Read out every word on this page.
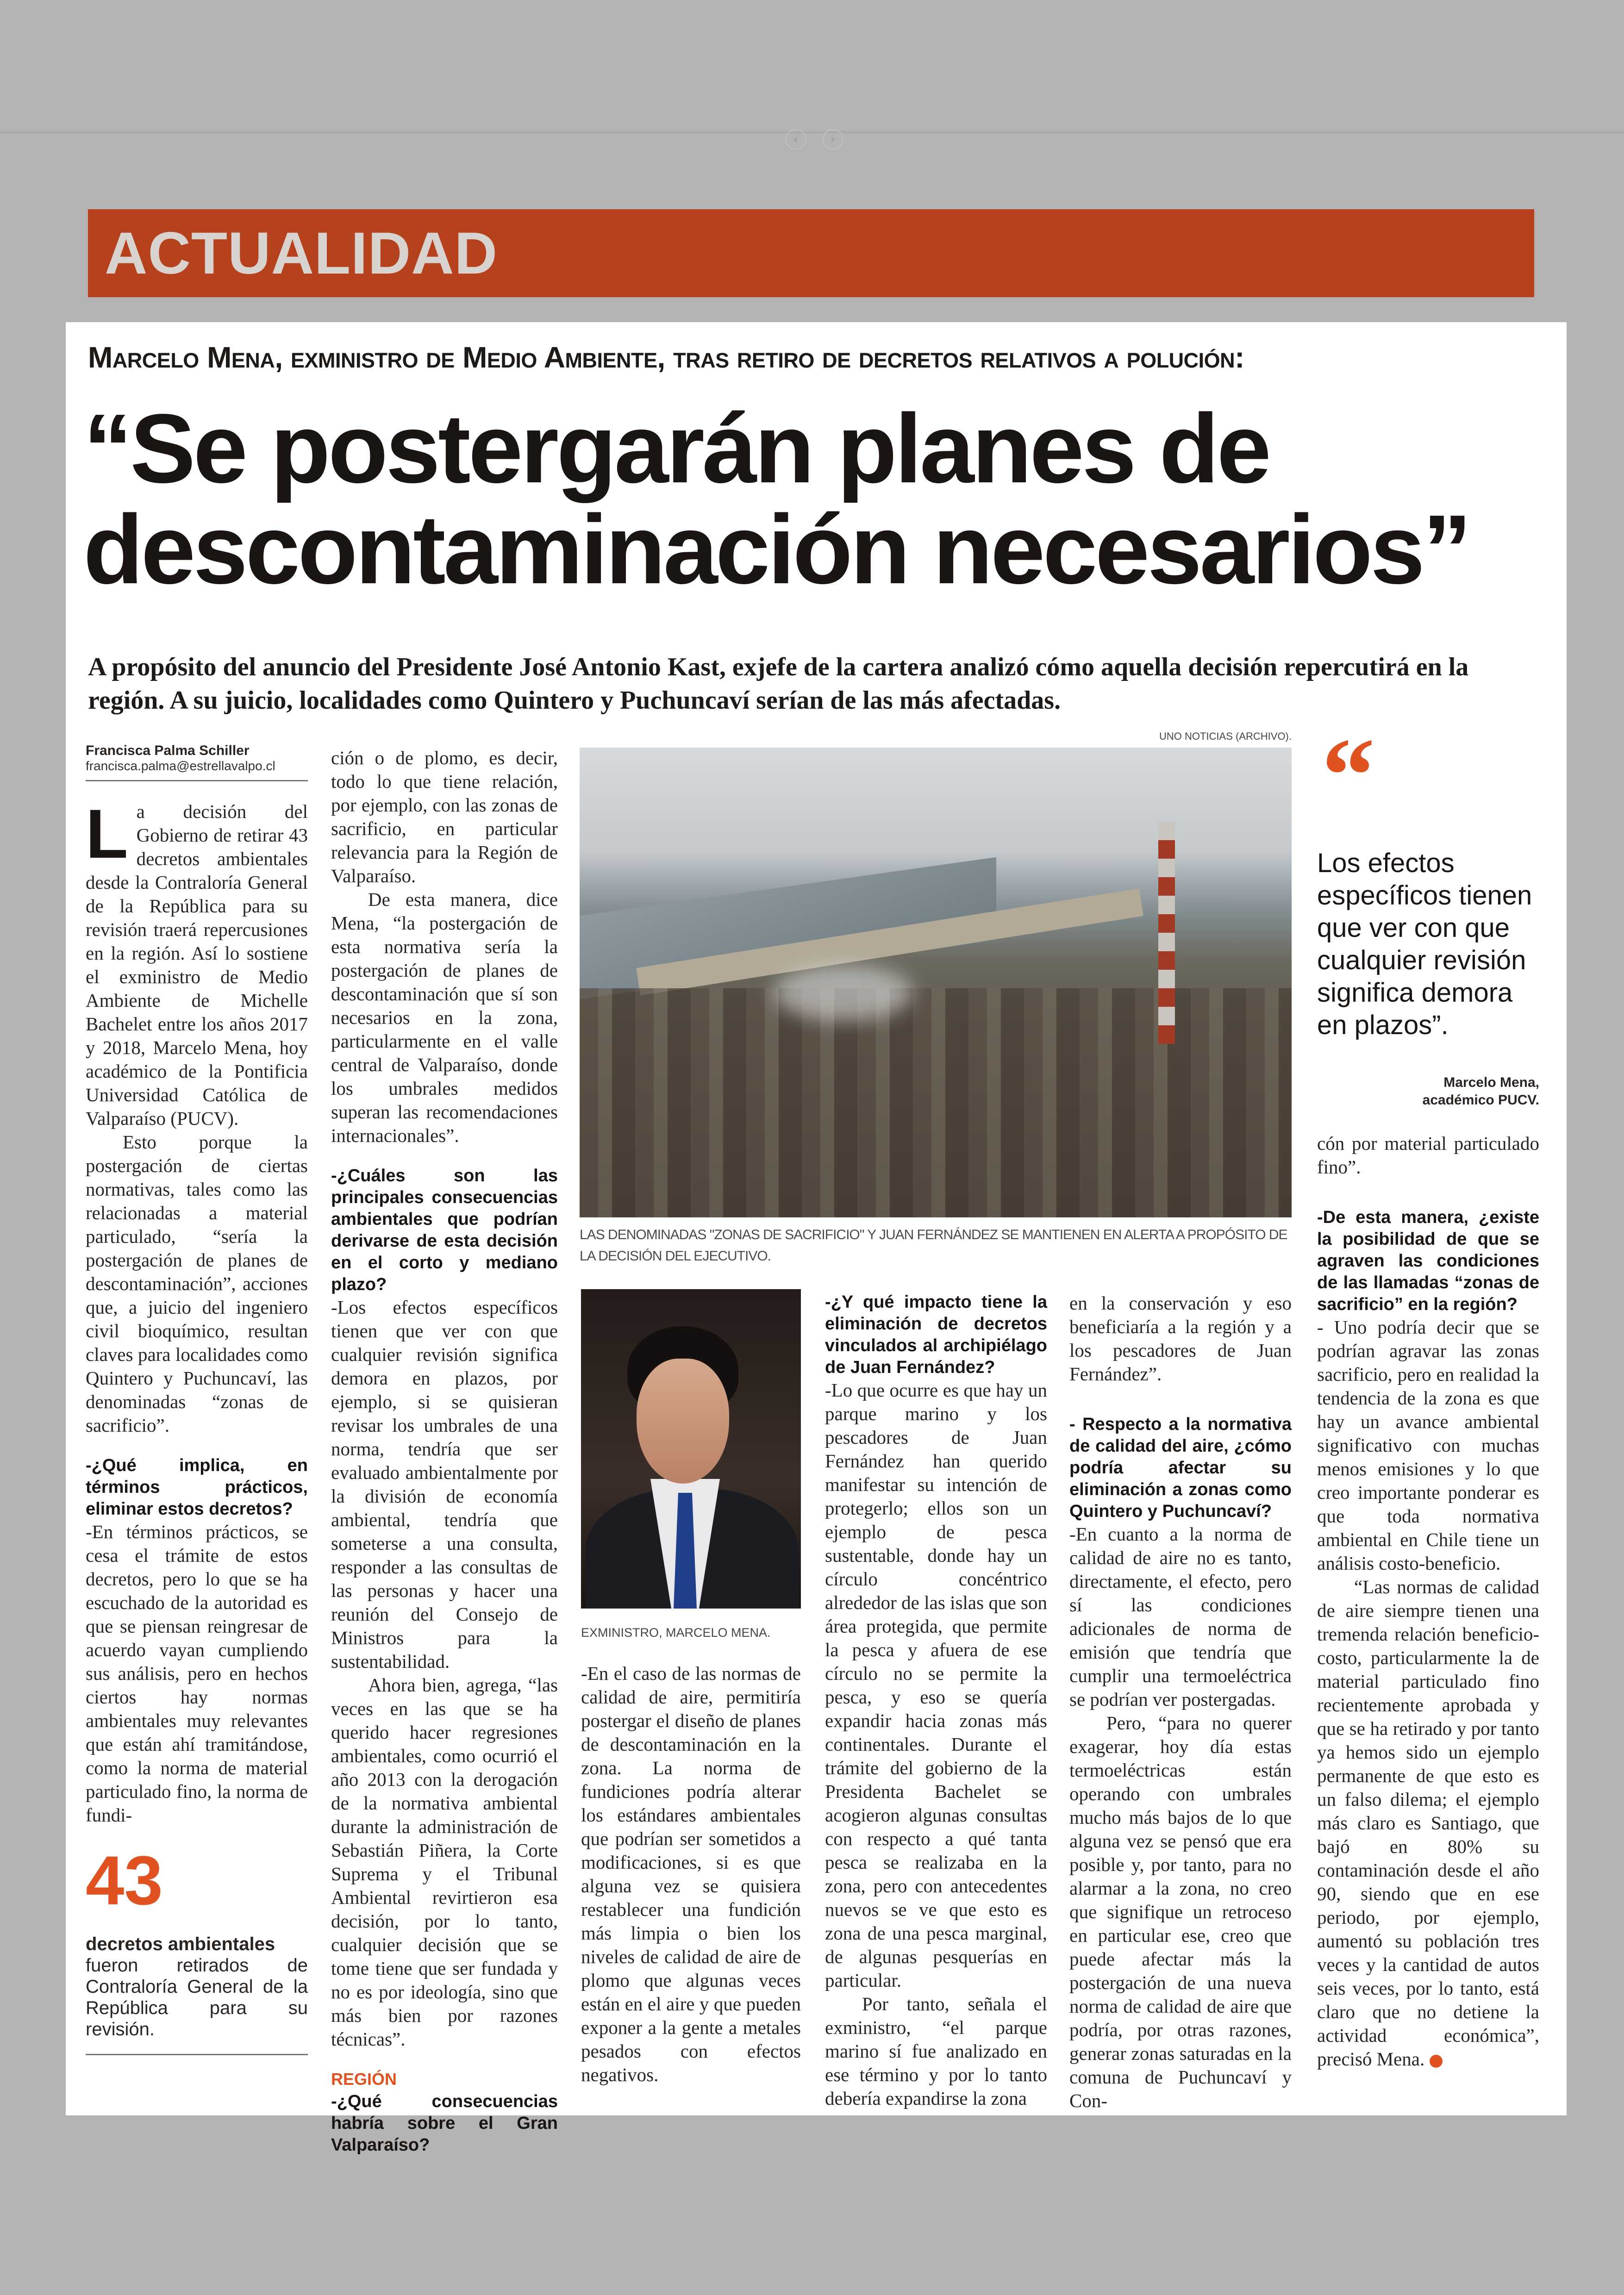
‹	›
ACTUALIDAD
Marcelo Mena, exministro de Medio Ambiente, tras retiro de decretos relativos a polución:
“Se postergarán planes de
descontaminación necesarios”
A propósito del anuncio del Presidente José Antonio Kast, exjefe de la cartera analizó cómo aquella decisión repercutirá en la región. A su juicio, localidades como Quintero y Puchuncaví serían de las más afectadas.
Francisca Palma Schiller
francisca.palma@estrellavalpo.cl

La decisión del Gobierno de retirar 43 decretos ambientales desde la Contraloría General de la República para su revisión traerá repercusiones en la región. Así lo sostiene el exministro de Medio Ambiente de Michelle Bachelet entre los años 2017 y 2018, Marcelo Mena, hoy académico de la Pontificia Universidad Católica de Valparaíso (PUCV).

Esto porque la postergación de ciertas normativas, tales como las relacionadas a material particulado, “sería la postergación de planes de descontaminación”, acciones que, a juicio del ingeniero civil bioquímico, resultan claves para localidades como Quintero y Puchuncaví, las denominadas “zonas de sacrificio”.

-¿Qué implica, en términos prácticos, eliminar estos decretos?

-En términos prácticos, se cesa el trámite de estos decretos, pero lo que se ha escuchado de la autoridad es que se piensan reingresar de acuerdo vayan cumpliendo sus análisis, pero en hechos ciertos hay normas ambientales muy relevantes que están ahí tramitándose, como la norma de material particulado fino, la norma de fundi-

43
decretos ambientales
fueron retirados de Contraloría General de la República para su revisión.

ción o de plomo, es decir, todo lo que tiene relación, por ejemplo, con las zonas de sacrificio, en particular relevancia para la Región de Valparaíso.

De esta manera, dice Mena, “la postergación de esta normativa sería la postergación de planes de descontaminación que sí son necesarios en la zona, particularmente en el valle central de Valparaíso, donde los umbrales medidos superan las recomendaciones internacionales”.

-¿Cuáles son las principales consecuencias ambientales que podrían derivarse de esta decisión en el corto y mediano plazo?

-Los efectos específicos tienen que ver con que cualquier revisión significa demora en plazos, por ejemplo, si se quisieran revisar los umbrales de una norma, tendría que ser evaluado ambientalmente por la división de economía ambiental, tendría que someterse a una consulta, responder a las consultas de las personas y hacer una reunión del Consejo de Ministros para la sustentabilidad.

Ahora bien, agrega, “las veces en las que se ha querido hacer regresiones ambientales, como ocurrió el año 2013 con la derogación de la normativa ambiental durante la administración de Sebastián Piñera, la Corte Suprema y el Tribunal Ambiental revirtieron esa decisión, por lo tanto, cualquier decisión que se tome tiene que ser fundada y no es por ideología, sino que más bien por razones técnicas”.

REGIÓN

-¿Qué consecuencias habría sobre el Gran Valparaíso?

UNO NOTICIAS (ARCHIVO).
LAS DENOMINADAS "ZONAS DE SACRIFICIO" Y JUAN FERNÁNDEZ SE MANTIENEN EN ALERTA A PROPÓSITO DE LA DECISIÓN DEL EJECUTIVO.
EXMINISTRO, MARCELO MENA.

-En el caso de las normas de calidad de aire, permitiría postergar el diseño de planes de descontaminación en la zona. La norma de fundiciones podría alterar los estándares ambientales que podrían ser sometidos a modificaciones, si es que alguna vez se quisiera restablecer una fundición más limpia o bien los niveles de calidad de aire de plomo que algunas veces están en el aire y que pueden exponer a la gente a metales pesados con efectos negativos.

-¿Y qué impacto tiene la eliminación de decretos vinculados al archipiélago de Juan Fernández?

-Lo que ocurre es que hay un parque marino y los pescadores de Juan Fernández han querido manifestar su intención de protegerlo; ellos son un ejemplo de pesca sustentable, donde hay un círculo concéntrico alrededor de las islas que son área protegida, que permite la pesca y afuera de ese círculo no se permite la pesca, y eso se quería expandir hacia zonas más continentales. Durante el trámite del gobierno de la Presidenta Bachelet se acogieron algunas consultas con respecto a qué tanta pesca se realizaba en la zona, pero con antecedentes nuevos se ve que esto es zona de una pesca marginal, de algunas pesquerías en particular.

Por tanto, señala el exministro, “el parque marino sí fue analizado en ese término y por lo tanto debería expandirse la zona

en la conservación y eso beneficiaría a la región y a los pescadores de Juan Fernández”.

- Respecto a la normativa de calidad del aire, ¿cómo podría afectar su eliminación a zonas como Quintero y Puchuncaví?

-En cuanto a la norma de calidad de aire no es tanto, directamente, el efecto, pero sí las condiciones adicionales de norma de emisión que tendría que cumplir una termoeléctrica se podrían ver postergadas.

Pero, “para no querer exagerar, hoy día estas termoeléctricas están operando con umbrales mucho más bajos de lo que alguna vez se pensó que era posible y, por tanto, para no alarmar a la zona, no creo que signifique un retroceso en particular ese, creo que puede afectar más la postergación de una nueva norma de calidad de aire que podría, por otras razones, generar zonas saturadas en la comuna de Puchuncaví y Con-

“
Los efectos específicos tienen que ver con que cualquier revisión significa demora en plazos”.
Marcelo Mena,
académico PUCV.

cón por material particulado fino”.

-De esta manera, ¿existe la posibilidad de que se agraven las condiciones de las llamadas “zonas de sacrificio” en la región?

- Uno podría decir que se podrían agravar las zonas sacrificio, pero en realidad la tendencia de la zona es que hay un avance ambiental significativo con muchas menos emisiones y lo que creo importante ponderar es que toda normativa ambiental en Chile tiene un análisis costo-beneficio.

“Las normas de calidad de aire siempre tienen una tremenda relación beneficio-costo, particularmente la de material particulado fino recientemente aprobada y que se ha retirado y por tanto ya hemos sido un ejemplo permanente de que esto es un falso dilema; el ejemplo más claro es Santiago, que bajó en 80% su contaminación desde el año 90, siendo que en ese periodo, por ejemplo, aumentó su población tres veces y la cantidad de autos seis veces, por lo tanto, está claro que no detiene la actividad económica”, precisó Mena.	✪
